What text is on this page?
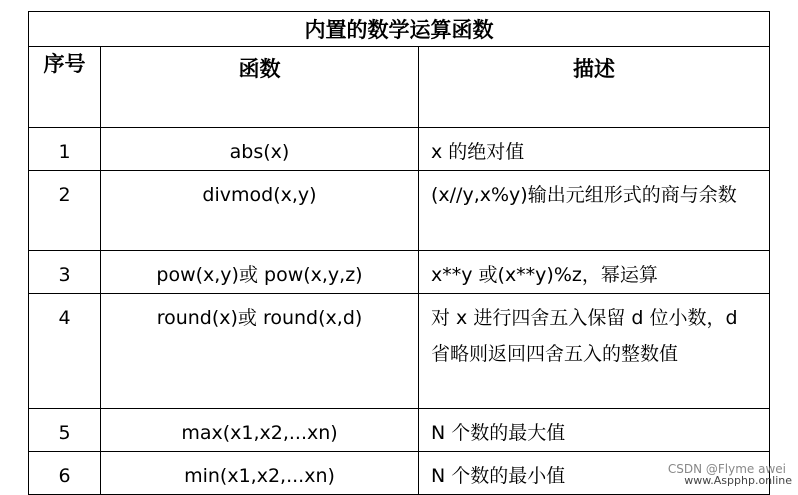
内置的数学运算函数		
序号	函数	描述
1	abs(x)	x 的绝对值
2	divmod(x,y)	(x//y,x%y)输出元组形式的商与余数
3	pow(x,y)或 pow(x,y,z)	x**y 或(x**y)%z，幂运算
4	round(x)或 round(x,d)	对 x 进行四舍五入保留 d 位小数，d 省略则返回四舍五入的整数值
5	max(x1,x2,...xn)	N 个数的最大值
6	min(x1,x2,...xn)	N 个数的最小值	CSDN @Flyme awei
www.Aspphp.online
